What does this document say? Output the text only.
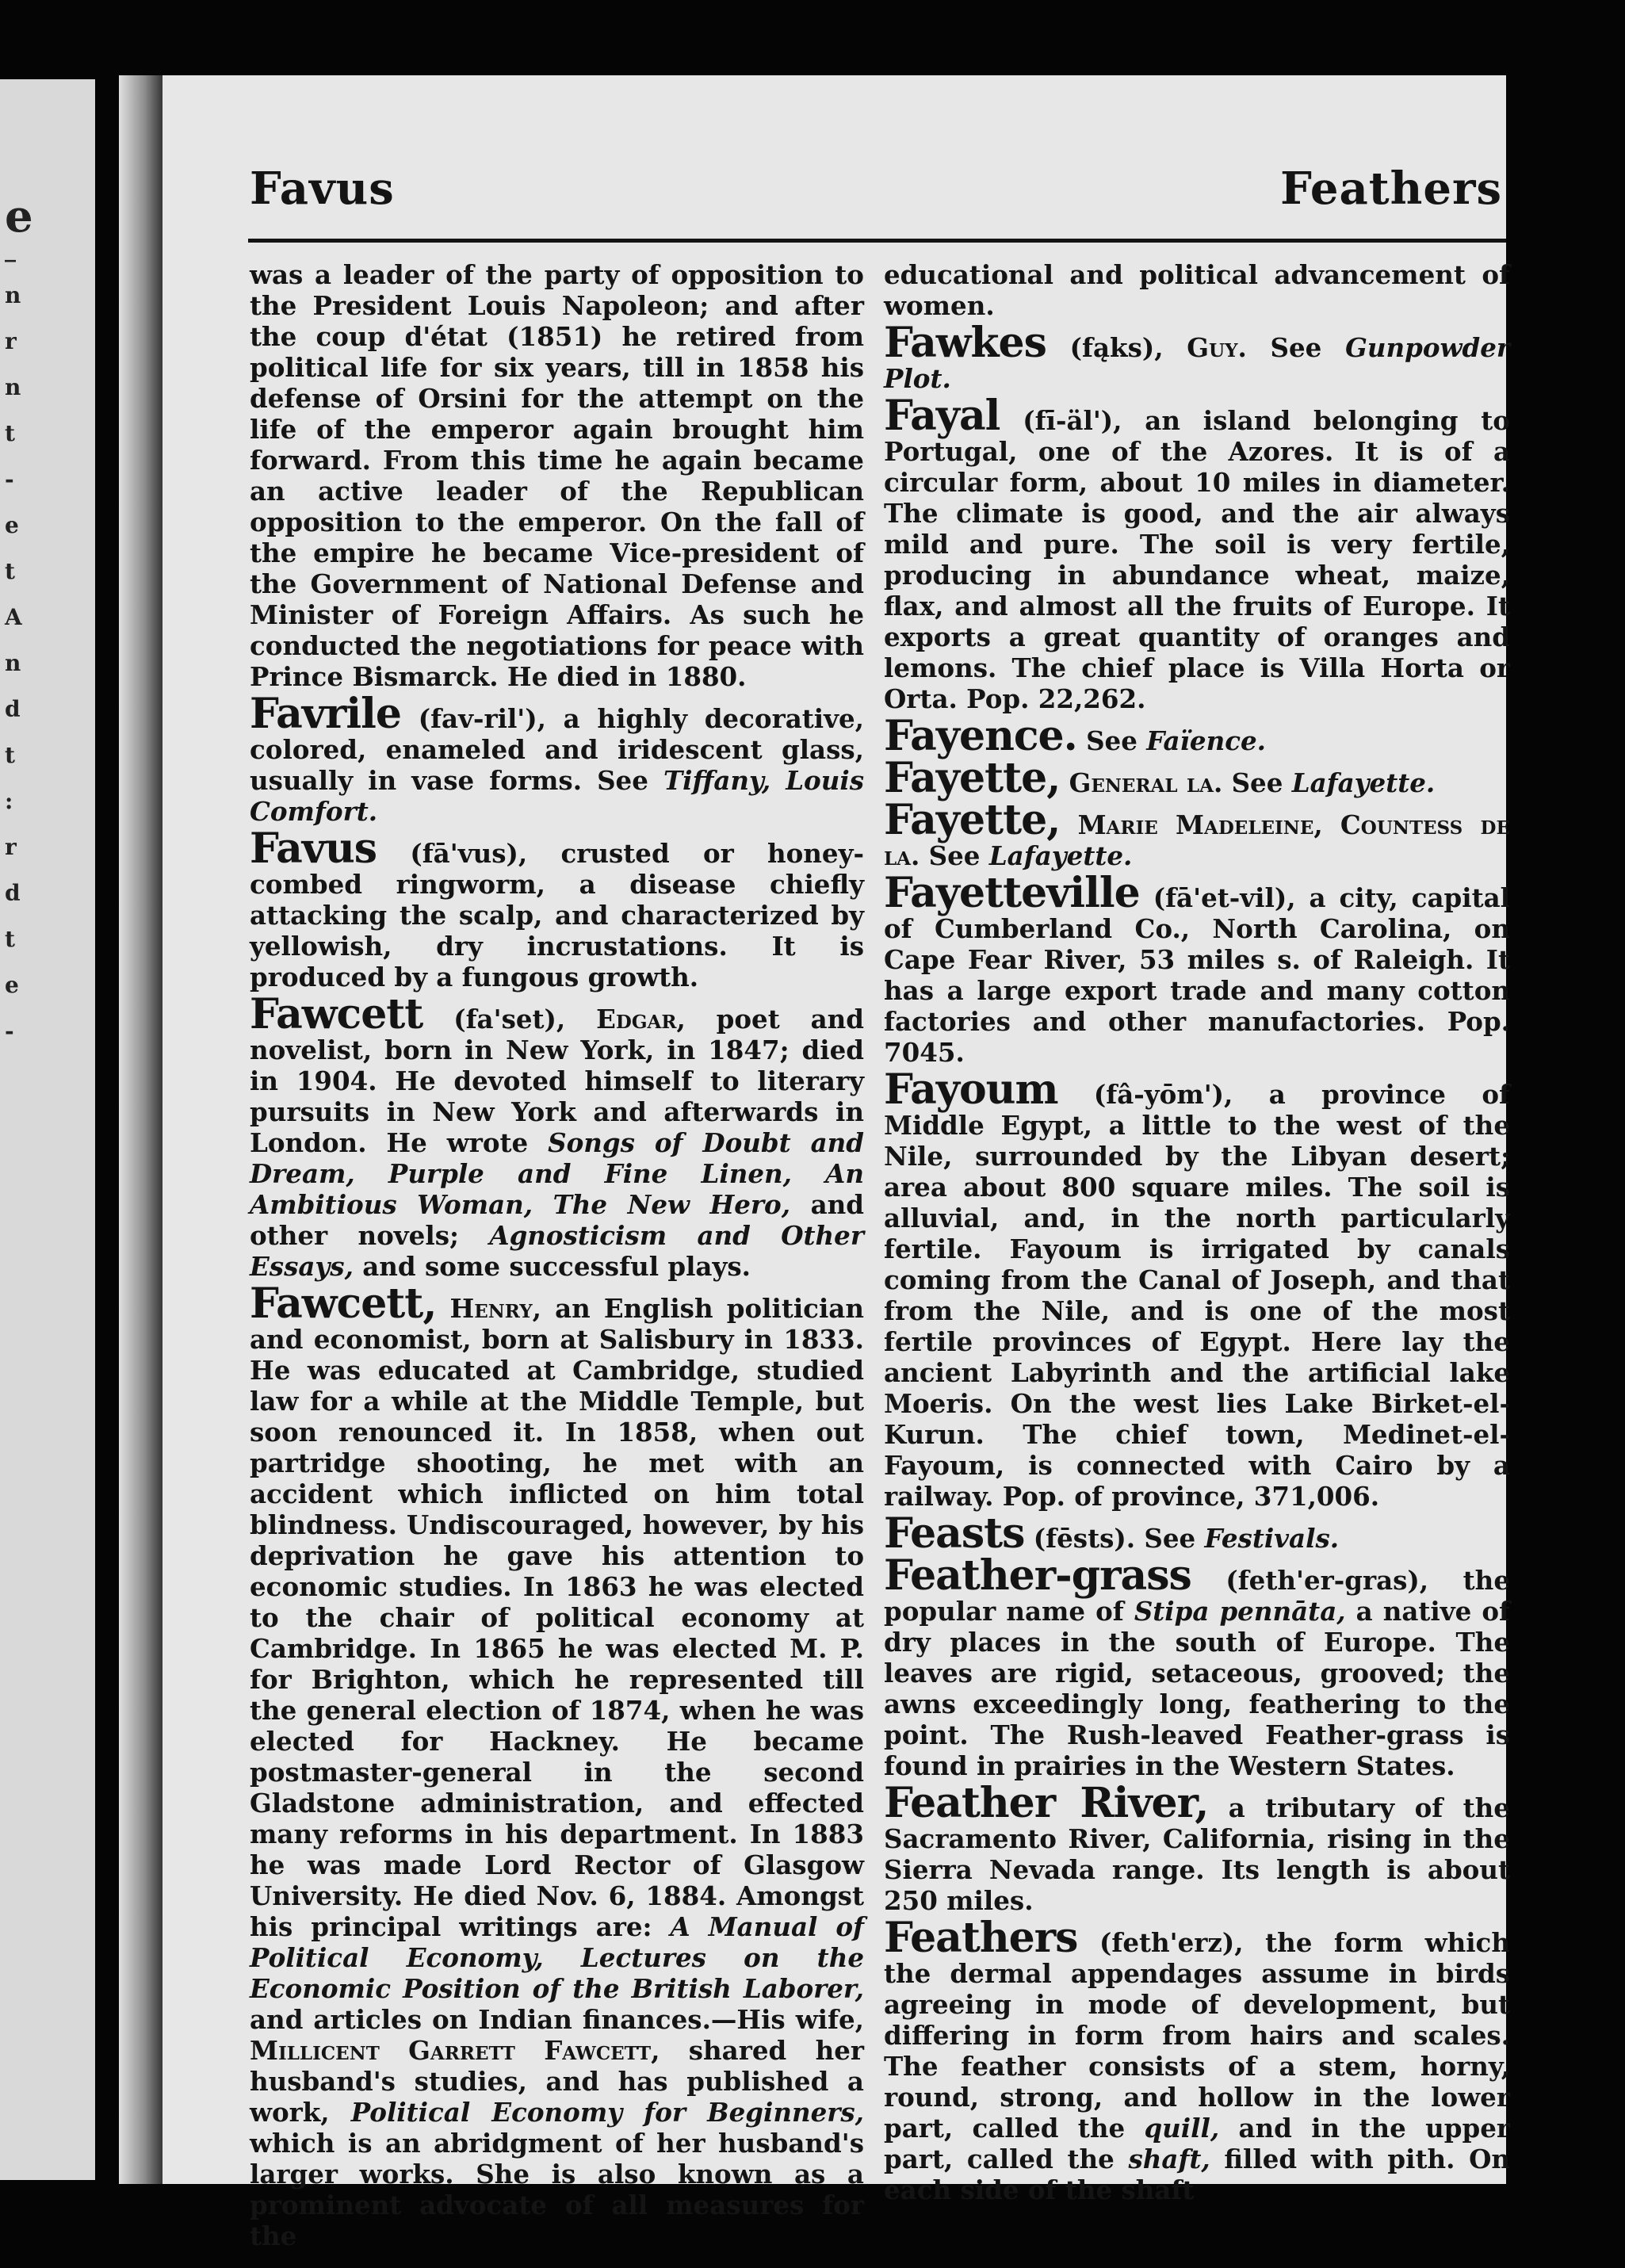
e
_
n
r
n
t
-
e
t
A
n
d
t
:
r
d
t
e
-
Favus	Feathers

was a leader of the party of opposition to the President Louis Napoleon; and after the coup d'état (1851) he retired from political life for six years, till in 1858 his defense of Orsini for the attempt on the life of the emperor again brought him forward. From this time he again became an active leader of the Republican opposition to the emperor. On the fall of the empire he became Vice-president of the Government of National Defense and Minister of Foreign Affairs. As such he conducted the negotiations for peace with Prince Bismarck. He died in 1880.

Favrile (fav-ril'), a highly decorative, colored, enameled and iridescent glass, usually in vase forms. See Tiffany, Louis Comfort.

Favus (fā'vus), crusted or honey-combed ringworm, a disease chiefly attacking the scalp, and characterized by yellowish, dry incrustations. It is produced by a fungous growth.

Fawcett (fa'set), Edgar, poet and novelist, born in New York, in 1847; died in 1904. He devoted himself to literary pursuits in New York and afterwards in London. He wrote Songs of Doubt and Dream, Purple and Fine Linen, An Ambitious Woman, The New Hero, and other novels; Agnosticism and Other Essays, and some successful plays.

Fawcett, Henry, an English politician and economist, born at Salisbury in 1833. He was educated at Cambridge, studied law for a while at the Middle Temple, but soon renounced it. In 1858, when out partridge shooting, he met with an accident which inflicted on him total blindness. Undiscouraged, however, by his deprivation he gave his attention to economic studies. In 1863 he was elected to the chair of political economy at Cambridge. In 1865 he was elected M. P. for Brighton, which he represented till the general election of 1874, when he was elected for Hackney. He became postmaster-general in the second Gladstone administration, and effected many reforms in his department. In 1883 he was made Lord Rector of Glasgow University. He died Nov. 6, 1884. Amongst his principal writings are: A Manual of Political Economy, Lectures on the Economic Position of the British Laborer, and articles on Indian finances.—His wife, Millicent Garrett Fawcett, shared her husband's studies, and has published a work, Political Economy for Beginners, which is an abridgment of her husband's larger works. She is also known as a prominent advocate of all measures for the

educational and political advancement of women.

Fawkes (fąks), Guy. See Gunpowder Plot.

Fayal (fī-äl'), an island belonging to Portugal, one of the Azores. It is of a circular form, about 10 miles in diameter. The climate is good, and the air always mild and pure. The soil is very fertile, producing in abundance wheat, maize, flax, and almost all the fruits of Europe. It exports a great quantity of oranges and lemons. The chief place is Villa Horta or Orta. Pop. 22,262.

Fayence. See Faïence.

Fayette, General la. See Lafayette.

Fayette, Marie Madeleine, Countess de la. See Lafayette.

Fayetteville (fā'et-vil), a city, capital of Cumberland Co., North Carolina, on Cape Fear River, 53 miles s. of Raleigh. It has a large export trade and many cotton factories and other manufactories. Pop. 7045.

Fayoum (fâ-yōm'), a province of Middle Egypt, a little to the west of the Nile, surrounded by the Libyan desert; area about 800 square miles. The soil is alluvial, and, in the north particularly fertile. Fayoum is irrigated by canals coming from the Canal of Joseph, and that from the Nile, and is one of the most fertile provinces of Egypt. Here lay the ancient Labyrinth and the artificial lake Moeris. On the west lies Lake Birket-el-Kurun. The chief town, Medinet-el-Fayoum, is connected with Cairo by a railway. Pop. of province, 371,006.

Feasts (fēsts). See Festivals.

Feather-grass (feth'er-gras), the popular name of Stipa pennāta, a native of dry places in the south of Europe. The leaves are rigid, setaceous, grooved; the awns exceedingly long, feathering to the point. The Rush-leaved Feather-grass is found in prairies in the Western States.

Feather River, a tributary of the Sacramento River, California, rising in the Sierra Nevada range. Its length is about 250 miles.

Feathers (feth'erz), the form which the dermal appendages assume in birds agreeing in mode of development, but differing in form from hairs and scales. The feather consists of a stem, horny, round, strong, and hollow in the lower part, called the quill, and in the upper part, called the shaft, filled with pith. On each side of the shaft
